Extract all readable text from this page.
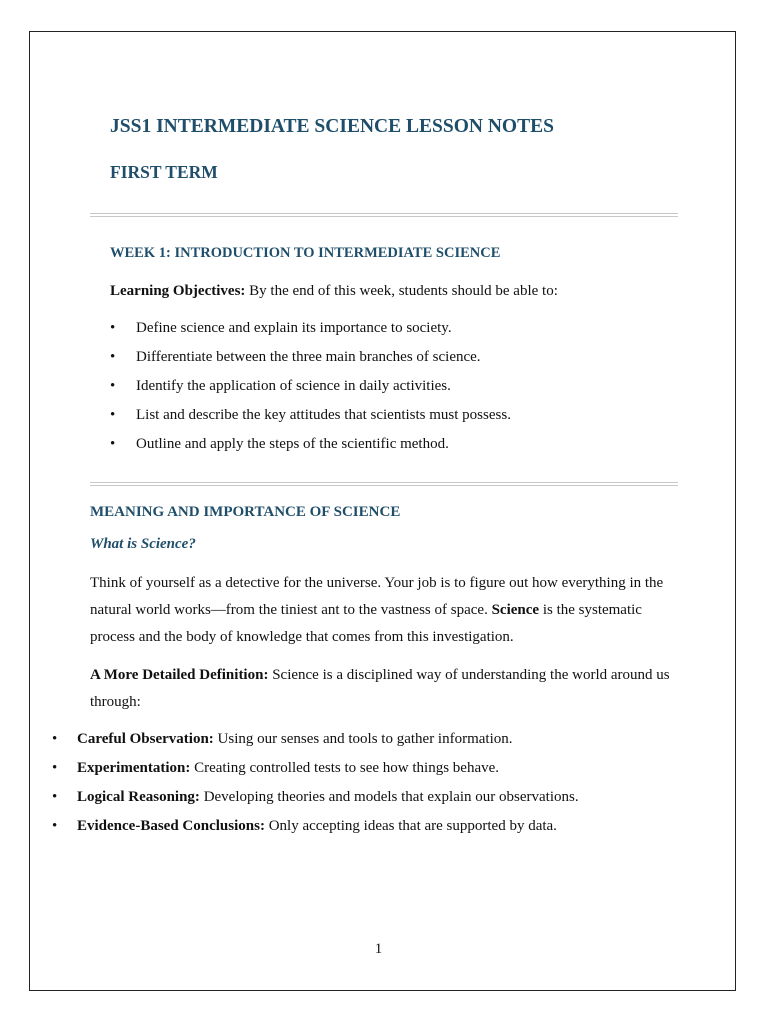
JSS1 INTERMEDIATE SCIENCE LESSON NOTES
FIRST TERM
WEEK 1: INTRODUCTION TO INTERMEDIATE SCIENCE

Learning Objectives: By the end of this week, students should be able to:

• Define science and explain its importance to society.
• Differentiate between the three main branches of science.
• Identify the application of science in daily activities.
• List and describe the key attitudes that scientists must possess.
• Outline and apply the steps of the scientific method.
MEANING AND IMPORTANCE OF SCIENCE
What is Science?

Think of yourself as a detective for the universe. Your job is to figure out how everything in the natural world works—from the tiniest ant to the vastness of space. Science is the systematic process and the body of knowledge that comes from this investigation.

A More Detailed Definition: Science is a disciplined way of understanding the world around us through:

• Careful Observation: Using our senses and tools to gather information.
• Experimentation: Creating controlled tests to see how things behave.
• Logical Reasoning: Developing theories and models that explain our observations.
• Evidence-Based Conclusions: Only accepting ideas that are supported by data.
1
